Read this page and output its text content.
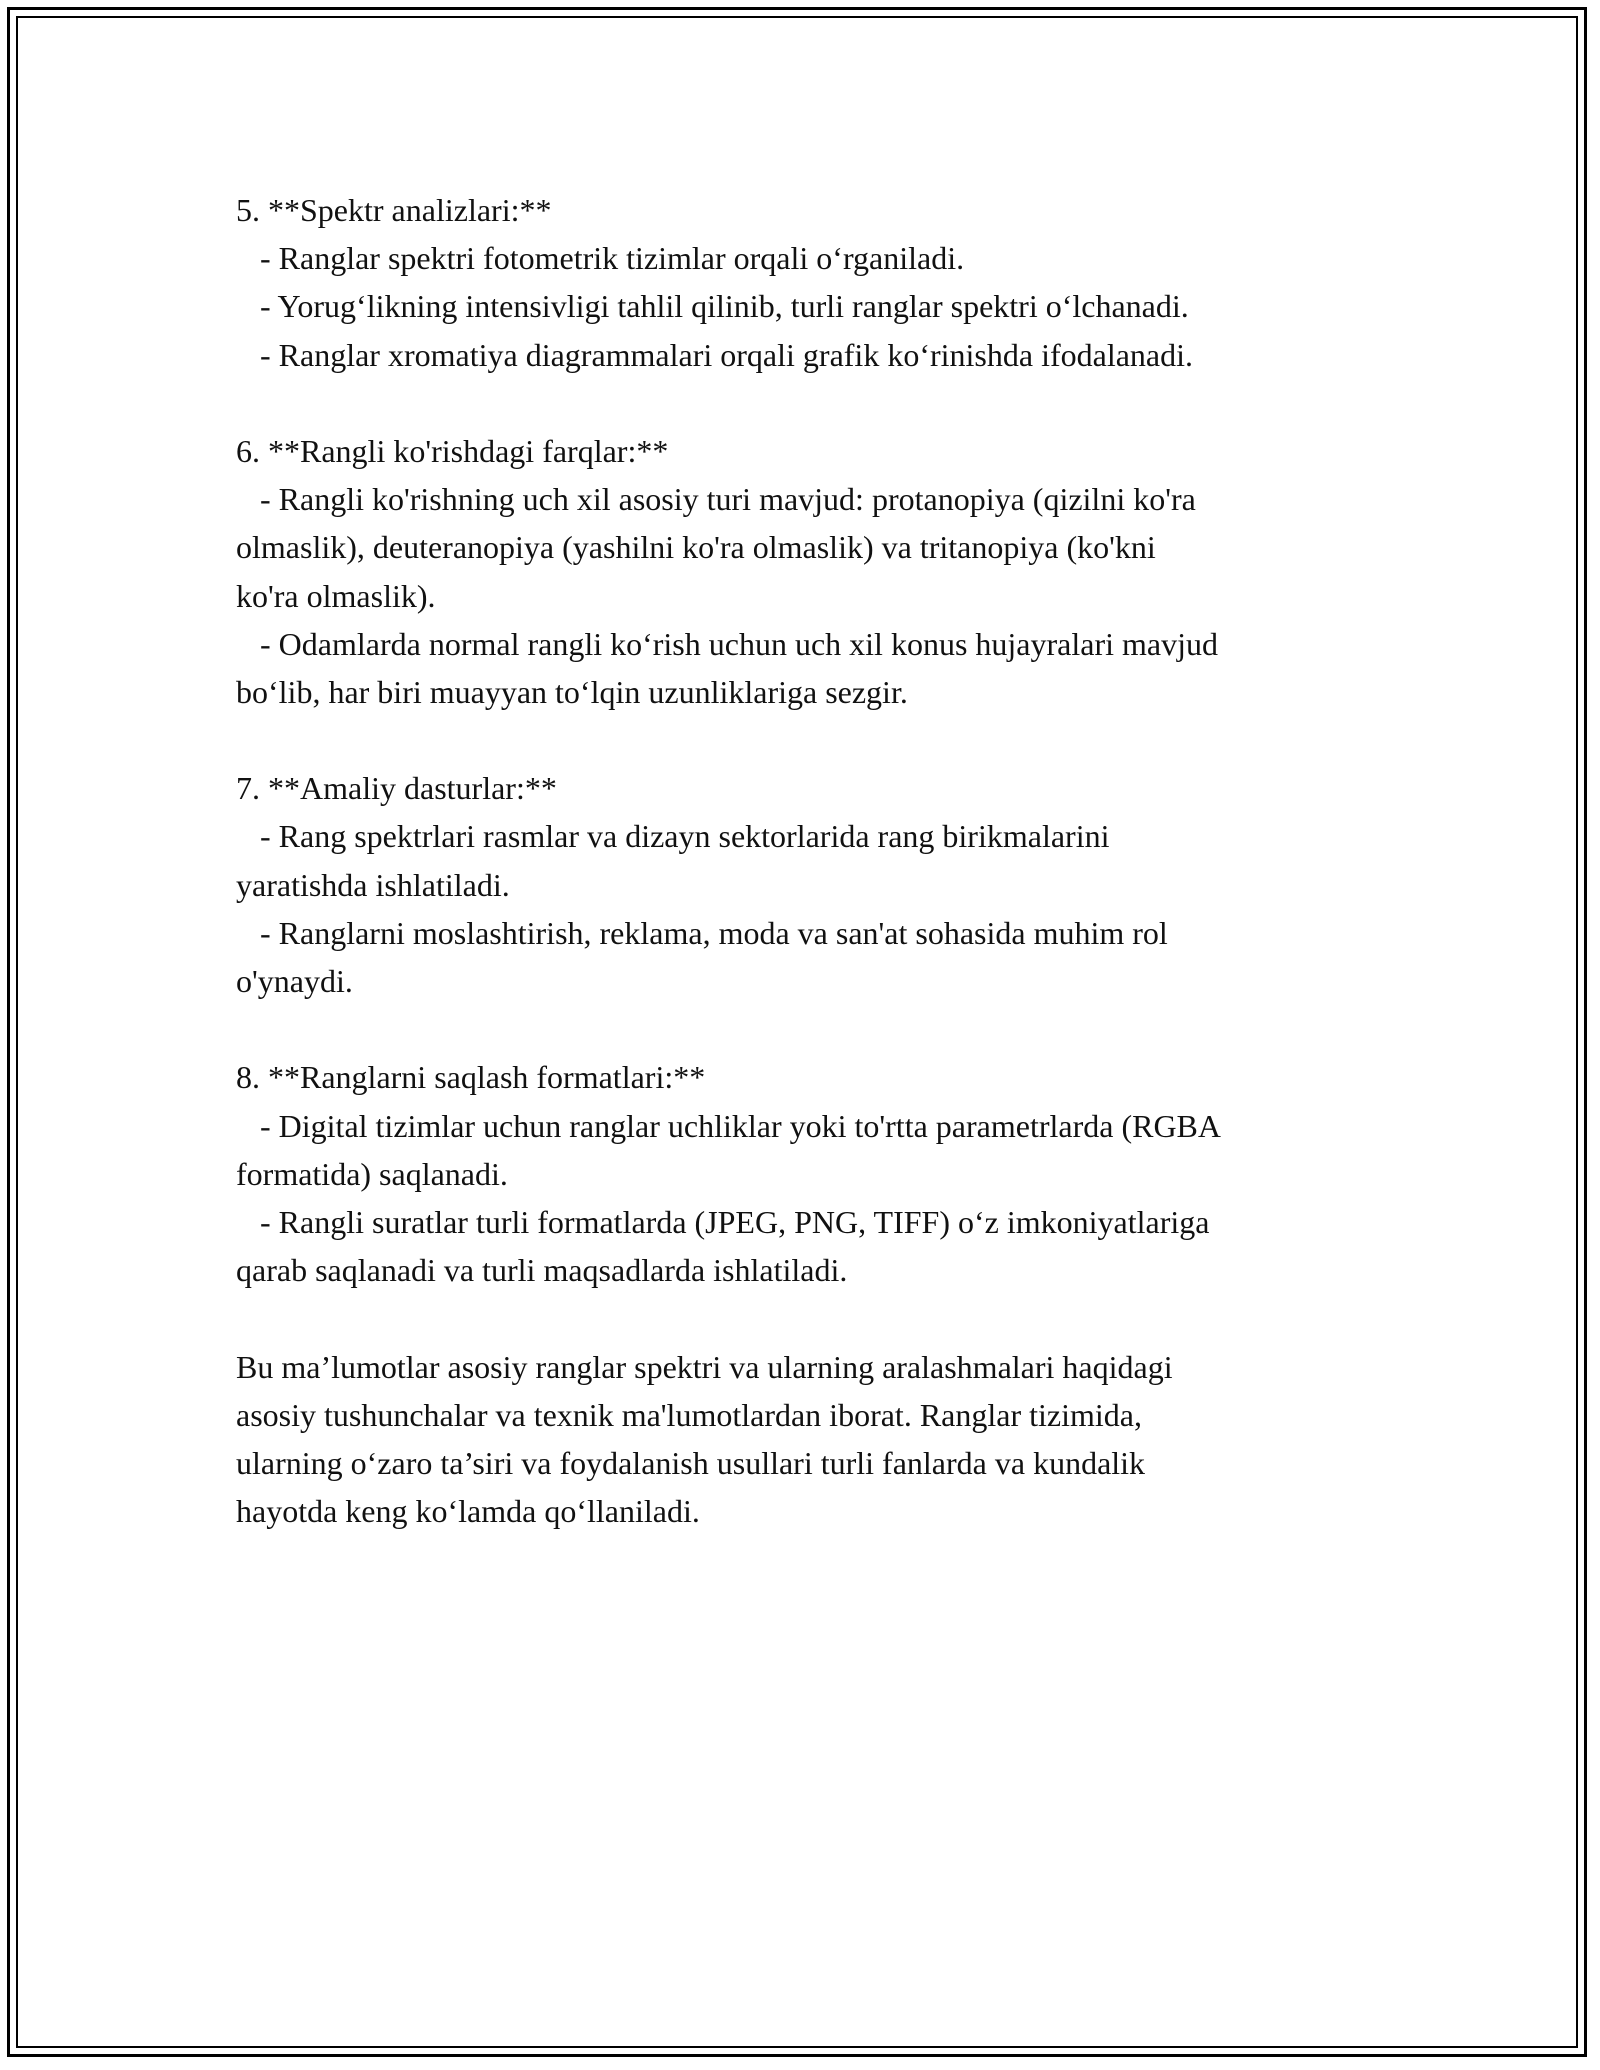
5. **Spektr analizlari:**
- Ranglar spektri fotometrik tizimlar orqali o‘rganiladi.
- Yorug‘likning intensivligi tahlil qilinib, turli ranglar spektri o‘lchanadi.
- Ranglar xromatiya diagrammalari orqali grafik ko‘rinishda ifodalanadi.
6. **Rangli ko'rishdagi farqlar:**
- Rangli ko'rishning uch xil asosiy turi mavjud: protanopiya (qizilni ko'ra
olmaslik), deuteranopiya (yashilni ko'ra olmaslik) va tritanopiya (ko'kni
ko'ra olmaslik).
- Odamlarda normal rangli ko‘rish uchun uch xil konus hujayralari mavjud
bo‘lib, har biri muayyan to‘lqin uzunliklariga sezgir.
7. **Amaliy dasturlar:**
- Rang spektrlari rasmlar va dizayn sektorlarida rang birikmalarini
yaratishda ishlatiladi.
- Ranglarni moslashtirish, reklama, moda va san'at sohasida muhim rol
o'ynaydi.
8. **Ranglarni saqlash formatlari:**
- Digital tizimlar uchun ranglar uchliklar yoki to'rtta parametrlarda (RGBA
formatida) saqlanadi.
- Rangli suratlar turli formatlarda (JPEG, PNG, TIFF) o‘z imkoniyatlariga
qarab saqlanadi va turli maqsadlarda ishlatiladi.
Bu ma’lumotlar asosiy ranglar spektri va ularning aralashmalari haqidagi
asosiy tushunchalar va texnik ma'lumotlardan iborat. Ranglar tizimida,
ularning o‘zaro ta’siri va foydalanish usullari turli fanlarda va kundalik
hayotda keng ko‘lamda qo‘llaniladi.
